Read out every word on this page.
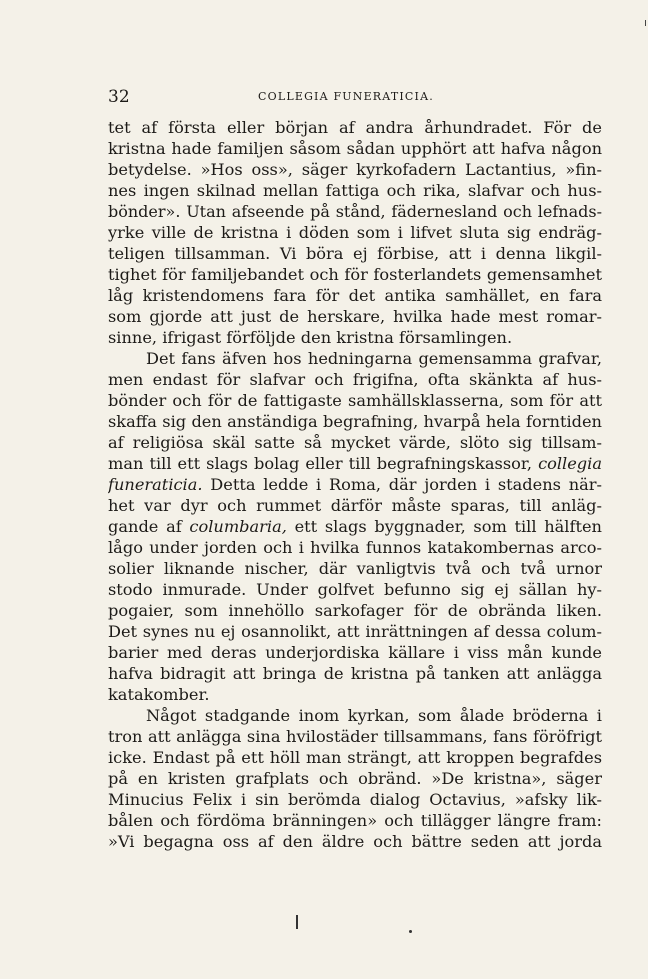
32	COLLEGIA FUNERATICIA.
tet af första eller början af andra århundradet. För de
kristna hade familjen såsom sådan upphört att hafva någon
betydelse. »Hos oss», säger kyrkofadern Lactantius, »fin-
nes ingen skilnad mellan fattiga och rika, slafvar och hus-
bönder». Utan afseende på stånd, fädernesland och lefnads-
yrke ville de kristna i döden som i lifvet sluta sig endräg-
teligen tillsamman. Vi böra ej förbise, att i denna likgil-
tighet för familjebandet och för fosterlandets gemensamhet
låg kristendomens fara för det antika samhället, en fara
som gjorde att just de herskare, hvilka hade mest romar-
sinne, ifrigast förföljde den kristna församlingen.
Det fans äfven hos hedningarna gemensamma grafvar,
men endast för slafvar och frigifna, ofta skänkta af hus-
bönder och för de fattigaste samhällsklasserna, som för att
skaffa sig den anständiga begrafning, hvarpå hela forntiden
af religiösa skäl satte så mycket värde, slöto sig tillsam-
man till ett slags bolag eller till begrafningskassor, collegia
funeraticia. Detta ledde i Roma, där jorden i stadens när-
het var dyr och rummet därför måste sparas, till anläg-
gande af columbaria, ett slags byggnader, som till hälften
lågo under jorden och i hvilka funnos katakombernas arco-
solier liknande nischer, där vanligtvis två och två urnor
stodo inmurade. Under golfvet befunno sig ej sällan hy-
pogaier, som innehöllo sarkofager för de obrända liken.
Det synes nu ej osannolikt, att inrättningen af dessa colum-
barier med deras underjordiska källare i viss mån kunde
hafva bidragit att bringa de kristna på tanken att anlägga
katakomber.
Något stadgande inom kyrkan, som ålade bröderna i
tron att anlägga sina hvilostäder tillsammans, fans föröfrigt
icke. Endast på ett höll man strängt, att kroppen begrafdes
på en kristen grafplats och obränd. »De kristna», säger
Minucius Felix i sin berömda dialog Octavius, »afsky lik-
bålen och fördöma bränningen» och tillägger längre fram:
»Vi begagna oss af den äldre och bättre seden att jorda
